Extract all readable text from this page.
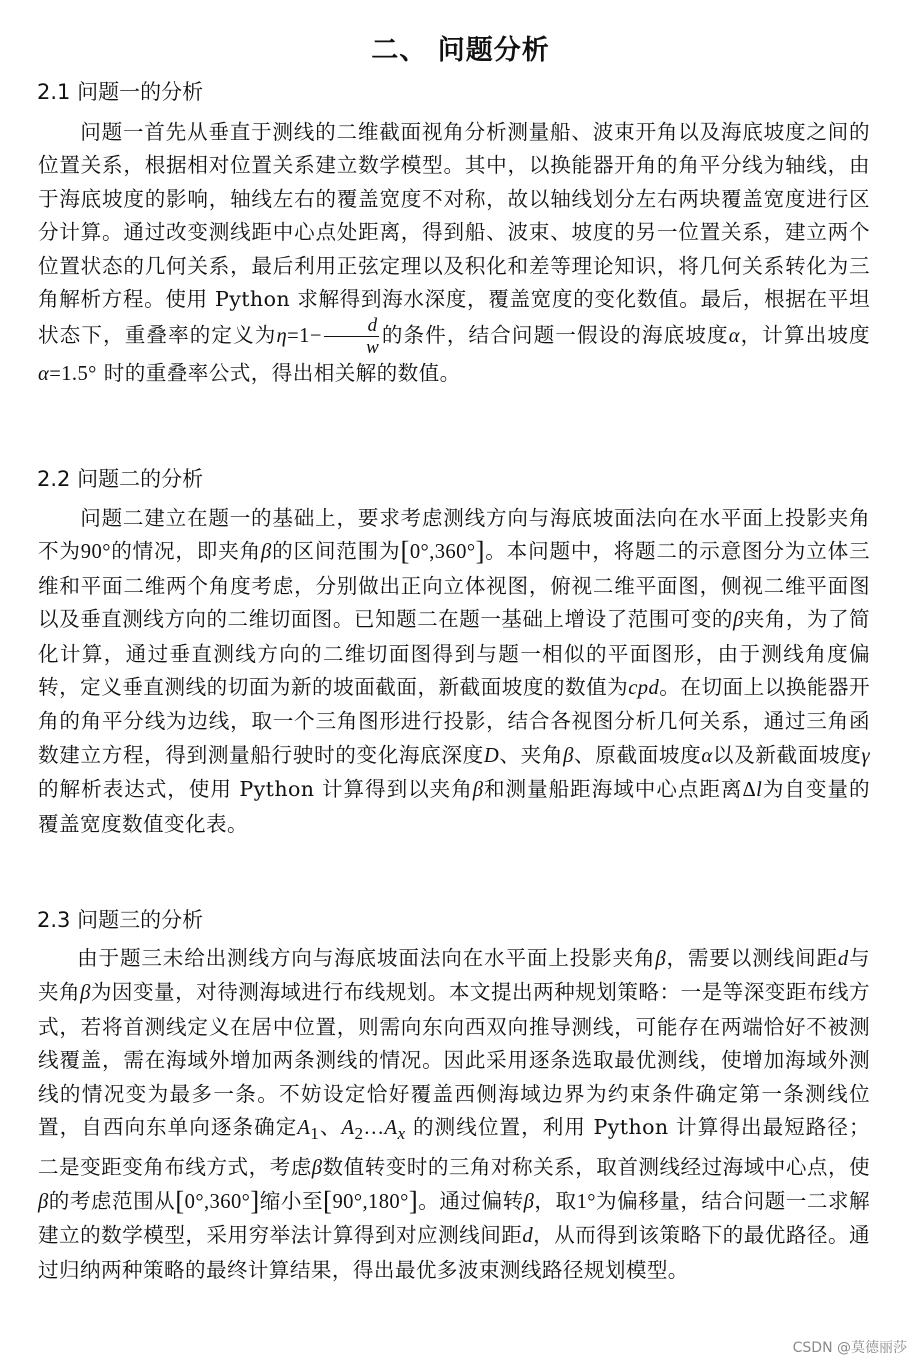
二、 问题分析
2.1 问题一的分析
问题一首先从垂直于测线的二维截面视角分析测量船、波束开角以及海底坡度之间的位置关系，根据相对位置关系建立数学模型。其中，以换能器开角的角平分线为轴线，由于海底坡度的影响，轴线左右的覆盖宽度不对称，故以轴线划分左右两块覆盖宽度进行区分计算。通过改变测线距中心点处距离，得到船、波束、坡度的另一位置关系，建立两个位置状态的几何关系，最后利用正弦定理以及积化和差等理论知识，将几何关系转化为三角解析方程。使用 Python 求解得到海水深度，覆盖宽度的变化数值。最后，根据在平坦状态下，重叠率的定义为$\eta=1- \frac{d}{w}$ 的条件，结合问题一假设的海底坡度α，计算出坡度α=1.5° 时的重叠率公式，得出相关解的数值。
2.2 问题二的分析
问题二建立在题一的基础上，要求考虑测线方向与海底坡面法向在水平面上投影夹角不为90°的情况，即夹角β的区间范围为[0°,360°]。本问题中，将题二的示意图分为立体三维和平面二维两个角度考虑，分别做出正向立体视图，俯视二维平面图，侧视二维平面图以及垂直测线方向的二维切面图。已知题二在题一基础上增设了范围可变的β夹角，为了简化计算，通过垂直测线方向的二维切面图得到与题一相似的平面图形，由于测线角度偏转，定义垂直测线的切面为新的坡面截面，新截面坡度的数值为cpd。在切面上以换能器开角的角平分线为边线，取一个三角图形进行投影，结合各视图分析几何关系，通过三角函数建立方程，得到测量船行驶时的变化海底深度D、夹角β、原截面坡度α以及新截面坡度γ的解析表达式，使用 Python 计算得到以夹角β和测量船距海域中心点距离Δl为自变量的覆盖宽度数值变化表。
2.3 问题三的分析
由于题三未给出测线方向与海底坡面法向在水平面上投影夹角β，需要以测线间距d与夹角β为因变量，对待测海域进行布线规划。本文提出两种规划策略：一是等深变距布线方式，若将首测线定义在居中位置，则需向东向西双向推导测线，可能存在两端恰好不被测线覆盖，需在海域外增加两条测线的情况。因此采用逐条选取最优测线，使增加海域外测线的情况变为最多一条。不妨设定恰好覆盖西侧海域边界为约束条件确定第一条测线位置，自西向东单向逐条确定$A_1$、$A_2\dots A_x$ 的测线位置，利用 Python 计算得出最短路径；二是变距变角布线方式，考虑β数值转变时的三角对称关系，取首测线经过海域中心点，使β的考虑范围从[0°,360°]缩小至[90°,180°]。通过偏转β，取1°为偏移量，结合问题一二求解建立的数学模型，采用穷举法计算得到对应测线间距d，从而得到该策略下的最优路径。通过归纳两种策略的最终计算结果，得出最优多波束测线路径规划模型。
CSDN @莫德丽莎
